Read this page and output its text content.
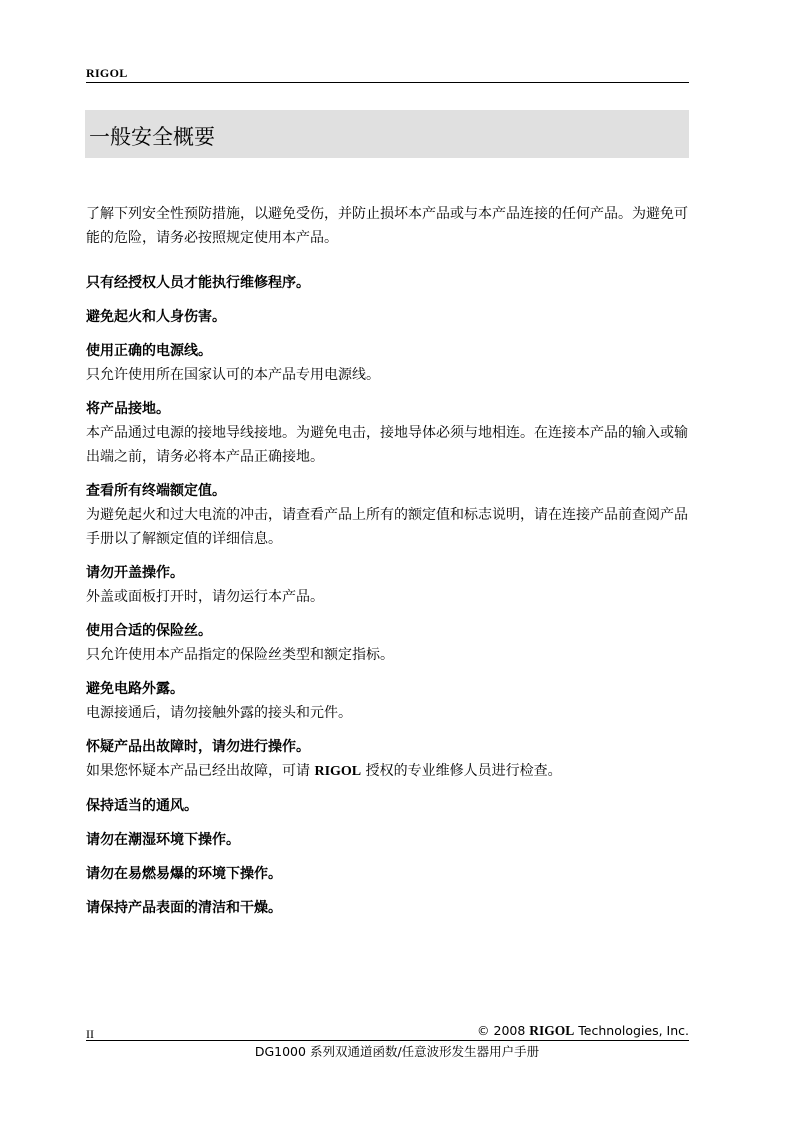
RIGOL
一般安全概要

了解下列安全性预防措施，以避免受伤，并防止损坏本产品或与本产品连接的任何产品。为避免可能的危险，请务必按照规定使用本产品。

只有经授权人员才能执行维修程序。
避免起火和人身伤害。
使用正确的电源线。
只允许使用所在国家认可的本产品专用电源线。
将产品接地。
本产品通过电源的接地导线接地。为避免电击，接地导体必须与地相连。在连接本产品的输入或输出端之前，请务必将本产品正确接地。
查看所有终端额定值。
为避免起火和过大电流的冲击，请查看产品上所有的额定值和标志说明，请在连接产品前查阅产品手册以了解额定值的详细信息。
请勿开盖操作。
外盖或面板打开时，请勿运行本产品。
使用合适的保险丝。
只允许使用本产品指定的保险丝类型和额定指标。
避免电路外露。
电源接通后，请勿接触外露的接头和元件。
怀疑产品出故障时，请勿进行操作。
如果您怀疑本产品已经出故障，可请 RIGOL 授权的专业维修人员进行检查。
保持适当的通风。
请勿在潮湿环境下操作。
请勿在易燃易爆的环境下操作。
请保持产品表面的清洁和干燥。
II	© 2008 RIGOL Technologies, Inc.
DG1000 系列双通道函数/任意波形发生器用户手册
